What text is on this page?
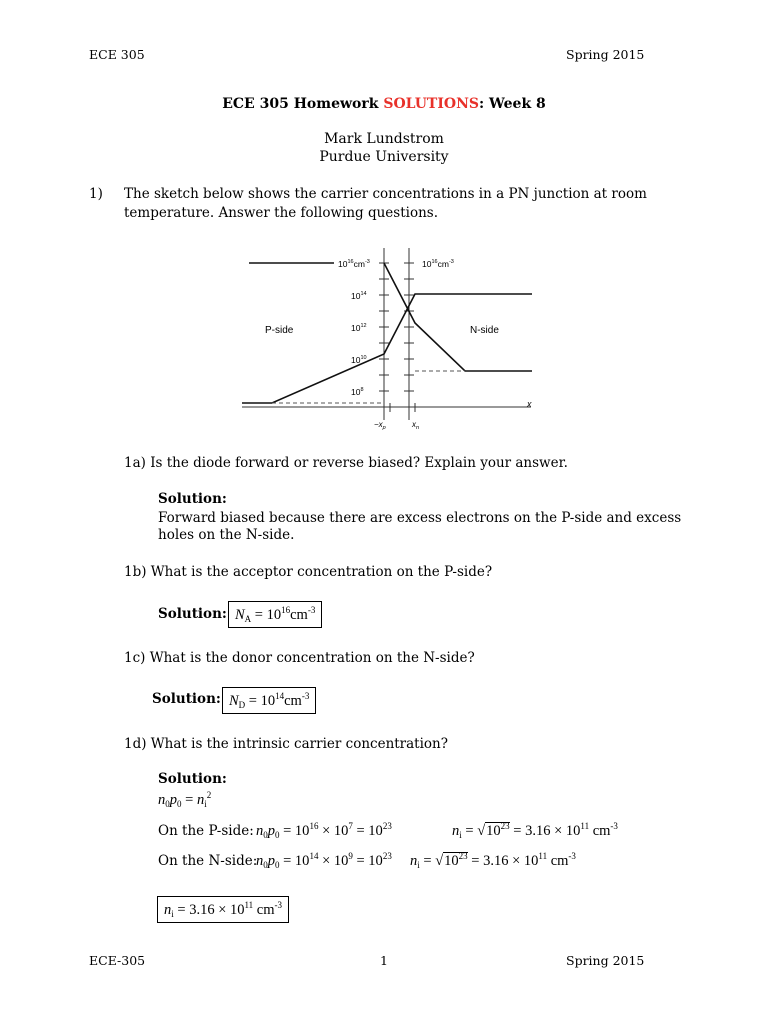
ECE 305	Spring 2015
ECE 305 Homework SOLUTIONS: Week 8
Mark Lundstrom
Purdue University
1) The sketch below shows the carrier concentrations in a PN junction at room
temperature. Answer the following questions.
$10^{16}cm^{-3}$
$10^{14}$
$10^{12}$
$10^{10}$
$10^8$
$10^{16}cm^{-3}$
P-side	N-side
x
$-x_p$	$x_n$
1a) Is the diode forward or reverse biased? Explain your answer.
Solution:
Forward biased because there are excess electrons on the P-side and excess
holes on the N-side.
1b) What is the acceptor concentration on the P-side?
Solution: $N_A = 10^{16}cm^{-3}$
1c) What is the donor concentration on the N-side?
Solution: $N_D = 10^{14}cm^{-3}$
1d) What is the intrinsic carrier concentration?
Solution:
$n_0p_0 = n_i^2$
On the P-side: $n_0p_0 = 10^{16} \times 10^7 = 10^{23}$	$n_i = √10^{23} = 3.16 \times 10^{11}$ $cm^{-3}$
On the N-side:
$n_0p_0 = 10^{14} \times 10^9 = 10^{23}$ $n_i = √10^{23} = 3.16 \times 10^{11}$ $cm^{-3}$
$n_i = 3.16 \times 10^{11}$ $cm^{-3}$
ECE-305	1	Spring 2015
